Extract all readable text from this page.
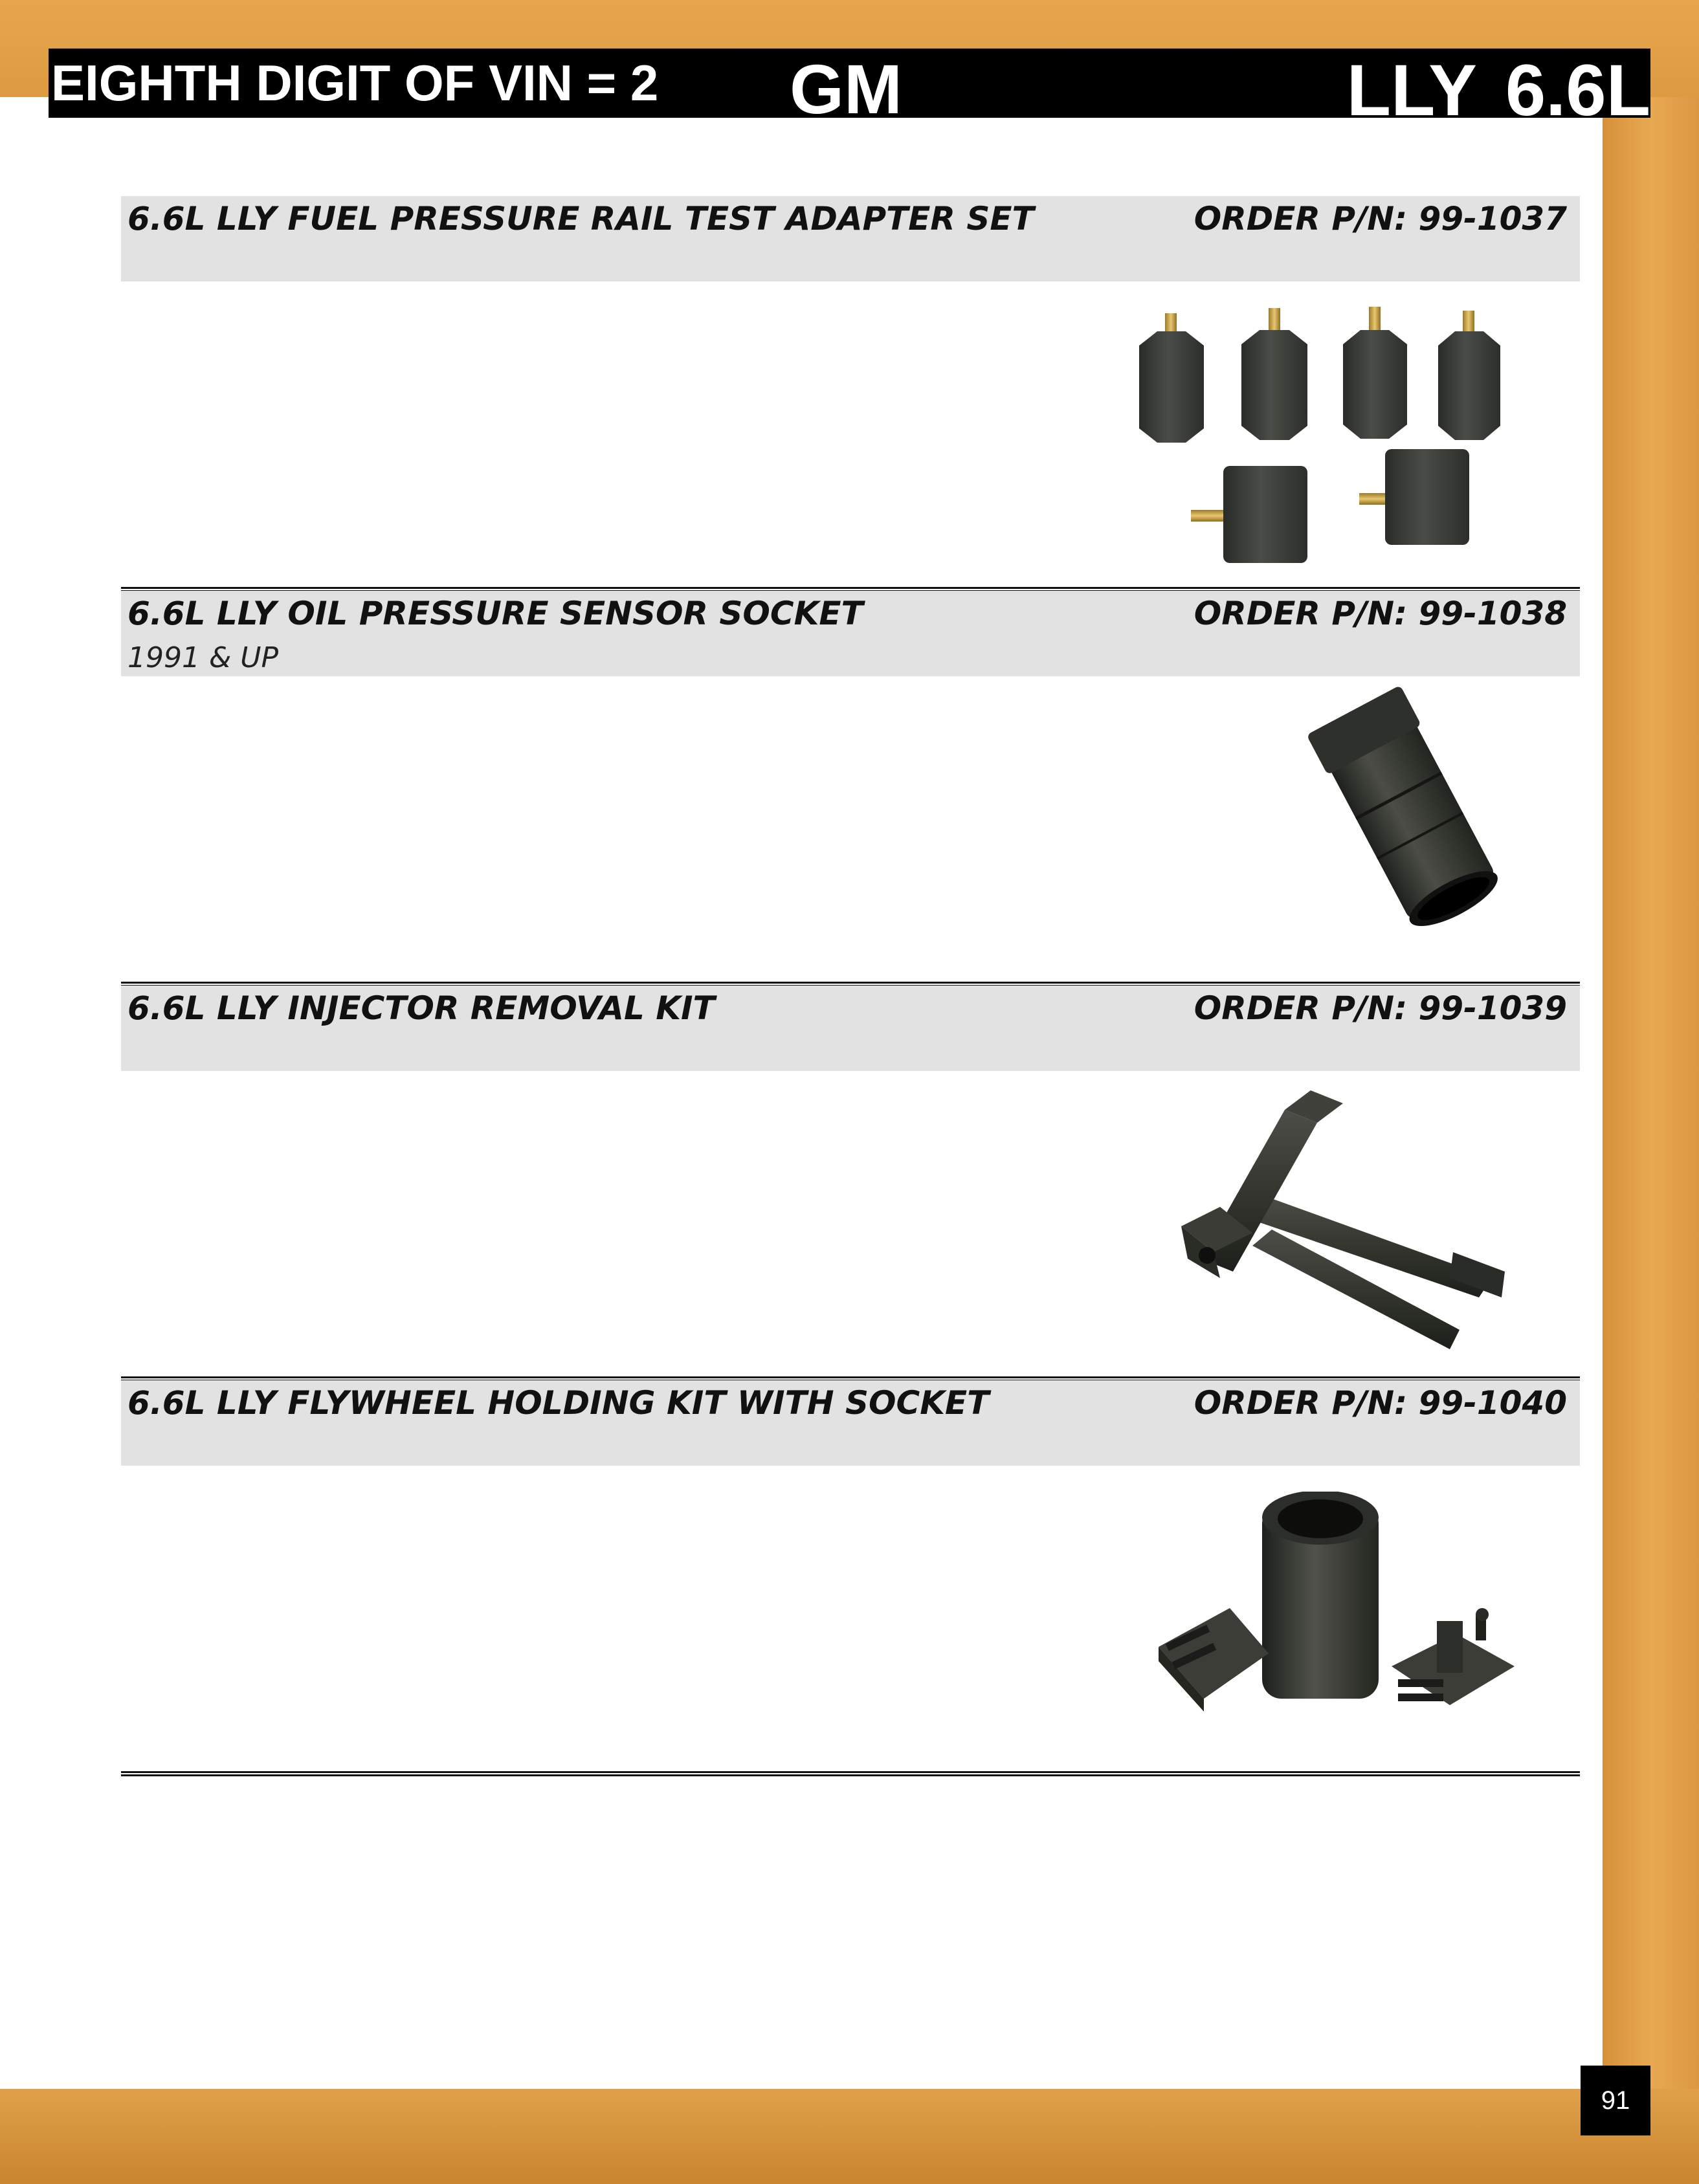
EIGHTH DIGIT OF VIN = 2 GM	LLY 6.6L
6.6L LLY FUEL PRESSURE RAIL TEST ADAPTER SET	ORDER P/N: 99-1037
6.6L LLY OIL PRESSURE SENSOR SOCKET	ORDER P/N: 99-1038
1991 & UP
6.6L LLY INJECTOR REMOVAL KIT	ORDER P/N: 99-1039
6.6L LLY FLYWHEEL HOLDING KIT WITH SOCKET	ORDER P/N: 99-1040
91
